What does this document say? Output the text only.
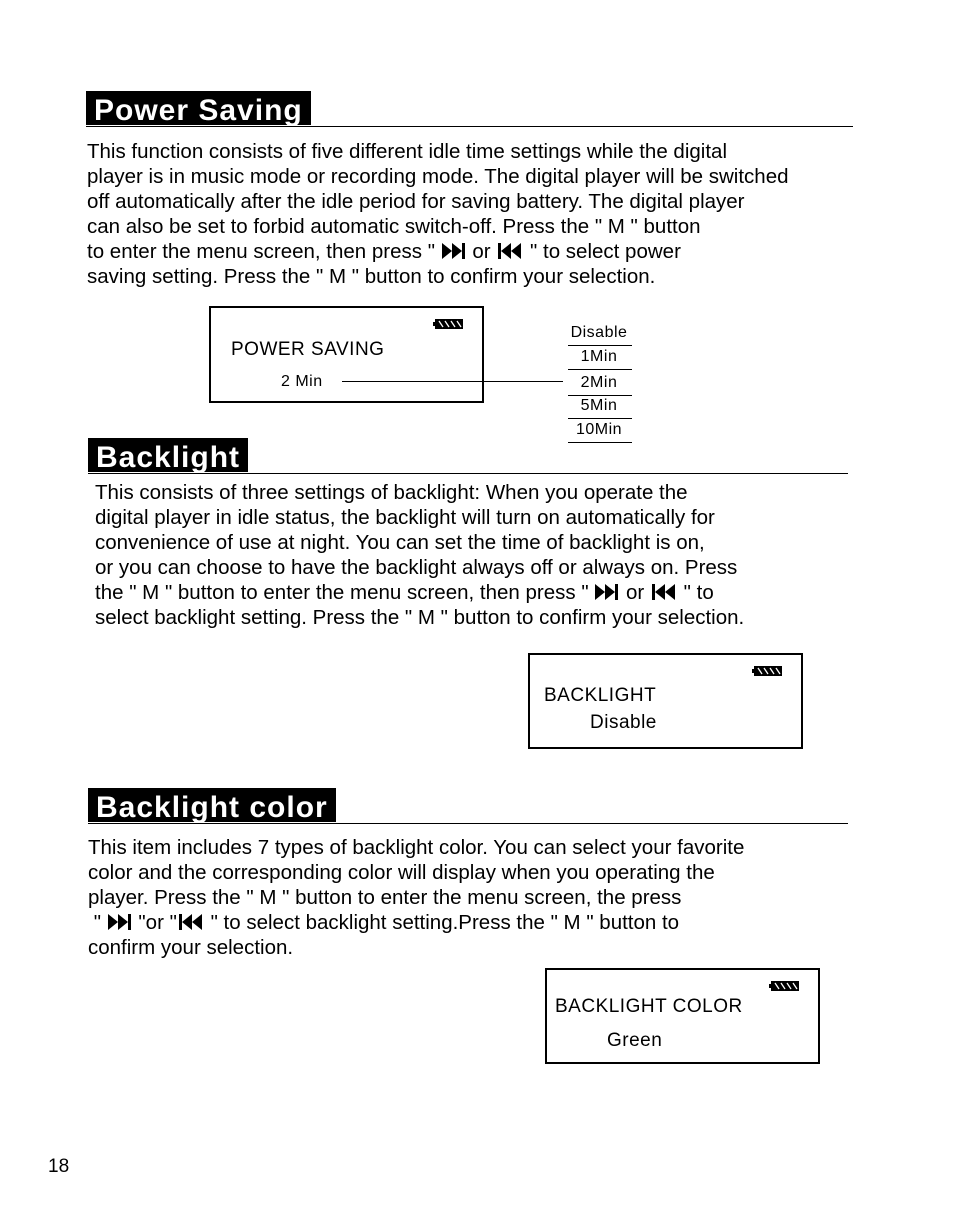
Power Saving
This function consists of five different idle time settings while the digital
player is in music mode or recording mode. The digital player will be switched
off automatically after the idle period for saving battery. The digital player
can also be set to forbid automatic switch-off. Press the " M " button
to enter the menu screen, then press " or " to select power
saving setting. Press the " M " button to confirm your selection.
POWER SAVING
2 Min
Disable
1Min
2Min
5Min
10Min
Backlight
This consists of three settings of backlight: When you operate the
digital player in idle status, the backlight will turn on automatically for
convenience of use at night. You can set the time of backlight is on,
or you can choose to have the backlight always off or always on. Press
the " M " button to enter the menu screen, then press " or " to
select backlight setting. Press the " M " button to confirm your selection.
BACKLIGHT
Disable
Backlight color
This item includes 7 types of backlight color. You can select your favorite
color and the corresponding color will display when you operating the
player. Press the " M " button to enter the menu screen, the press
" "or " " to select backlight setting.Press the " M " button to
confirm your selection.
BACKLIGHT COLOR
Green
18
